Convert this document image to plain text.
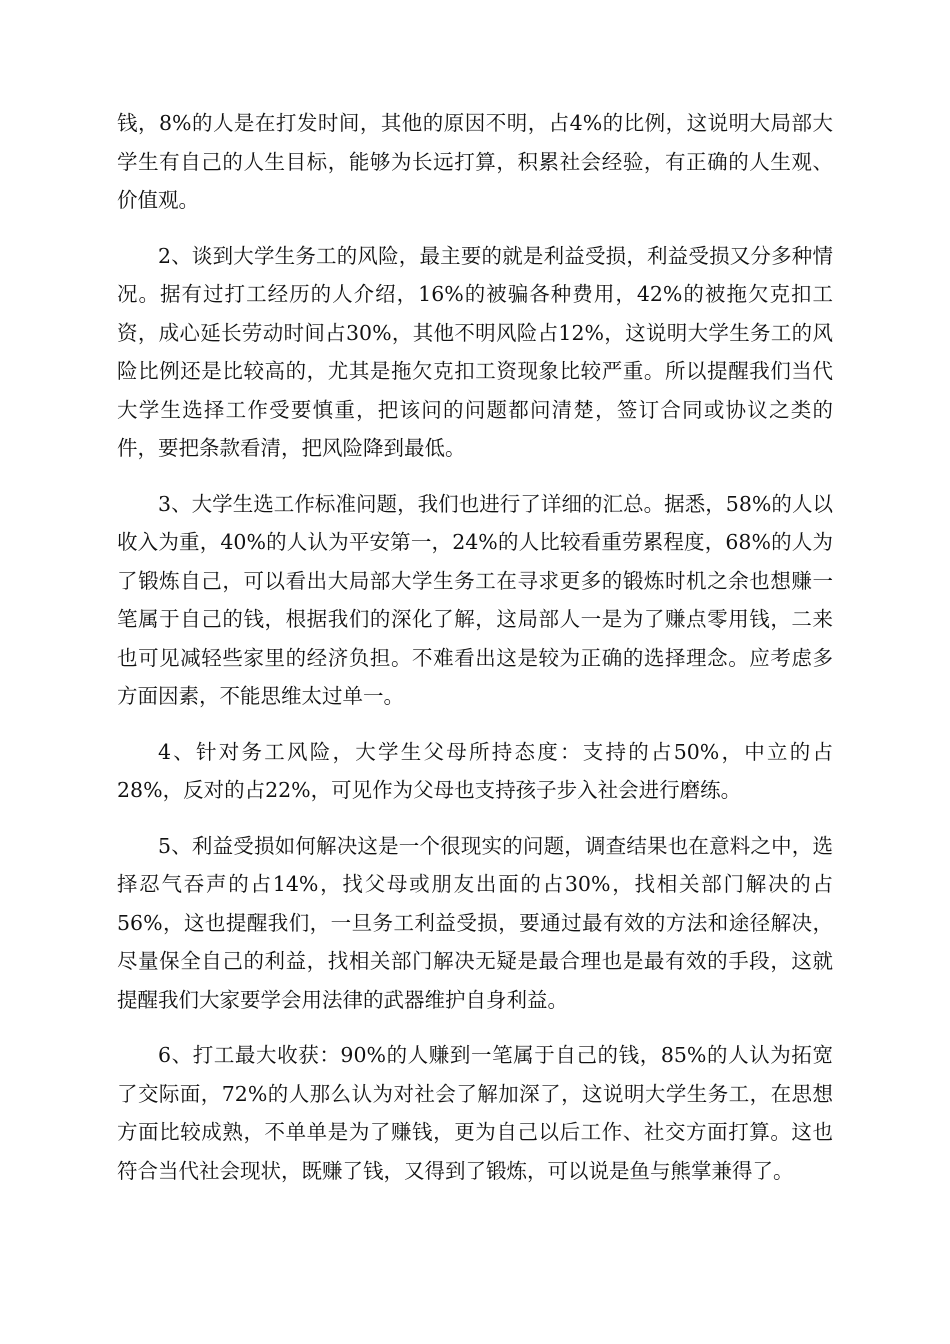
钱，8%的人是在打发时间，其他的原因不明，占4%的比例，这说明大局部大学生有自己的人生目标，能够为长远打算，积累社会经验，有正确的人生观、价值观。

2、谈到大学生务工的风险，最主要的就是利益受损，利益受损又分多种情况。据有过打工经历的人介绍，16%的被骗各种费用，42%的被拖欠克扣工资，成心延长劳动时间占30%，其他不明风险占12%，这说明大学生务工的风险比例还是比较高的，尤其是拖欠克扣工资现象比较严重。所以提醒我们当代大学生选择工作受要慎重，把该问的问题都问清楚，签订合同或协议之类的件，要把条款看清，把风险降到最低。

3、大学生选工作标准问题，我们也进行了详细的汇总。据悉，58%的人以收入为重，40%的人认为平安第一，24%的人比较看重劳累程度，68%的人为了锻炼自己，可以看出大局部大学生务工在寻求更多的锻炼时机之余也想赚一笔属于自己的钱，根据我们的深化了解，这局部人一是为了赚点零用钱，二来也可见减轻些家里的经济负担。不难看出这是较为正确的选择理念。应考虑多方面因素，不能思维太过单一。

4、针对务工风险，大学生父母所持态度：支持的占50%，中立的占28%，反对的占22%，可见作为父母也支持孩子步入社会进行磨练。

5、利益受损如何解决这是一个很现实的问题，调查结果也在意料之中，选择忍气吞声的占14%，找父母或朋友出面的占30%，找相关部门解决的占56%，这也提醒我们，一旦务工利益受损，要通过最有效的方法和途径解决，尽量保全自己的利益，找相关部门解决无疑是最合理也是最有效的手段，这就提醒我们大家要学会用法律的武器维护自身利益。

6、打工最大收获：90%的人赚到一笔属于自己的钱，85%的人认为拓宽了交际面，72%的人那么认为对社会了解加深了，这说明大学生务工，在思想方面比较成熟，不单单是为了赚钱，更为自己以后工作、社交方面打算。这也符合当代社会现状，既赚了钱，又得到了锻炼，可以说是鱼与熊掌兼得了。
